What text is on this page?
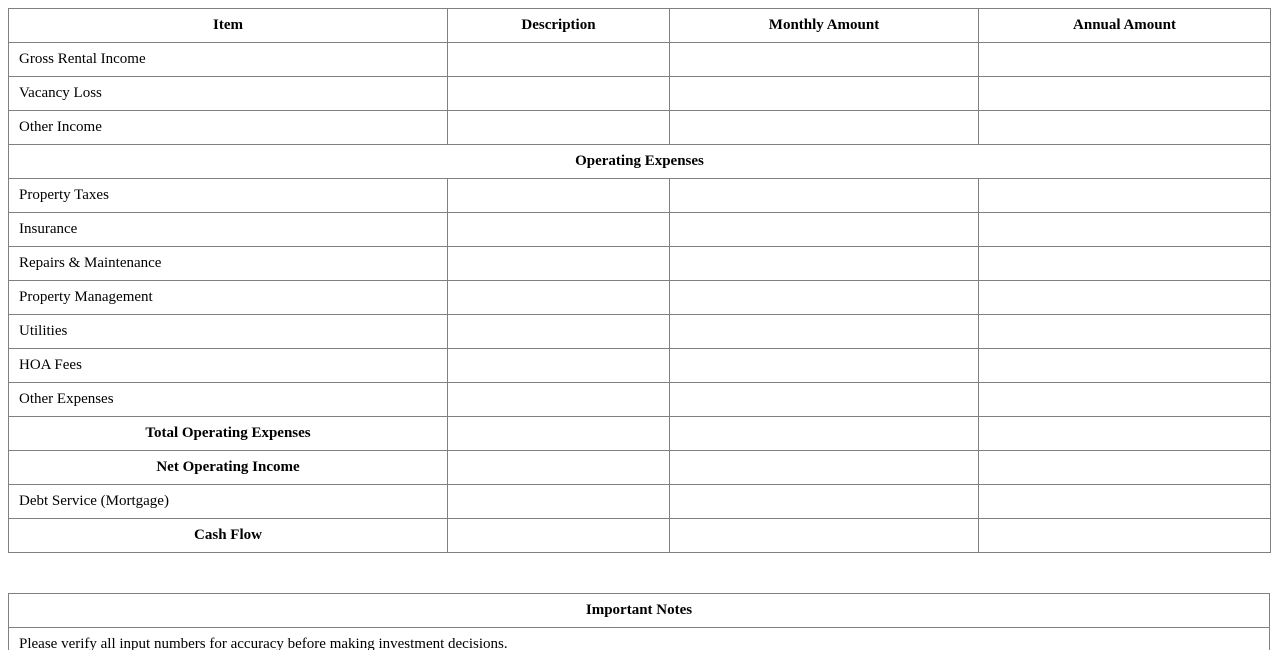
Item	Description	Monthly Amount	Annual Amount
Gross Rental Income			
Vacancy Loss			
Other Income			
Operating Expenses			
Property Taxes			
Insurance			
Repairs & Maintenance			
Property Management			
Utilities			
HOA Fees			
Other Expenses			
Total Operating Expenses			
Net Operating Income			
Debt Service (Mortgage)			
Cash Flow			
Important Notes
Please verify all input numbers for accuracy before making investment decisions.
